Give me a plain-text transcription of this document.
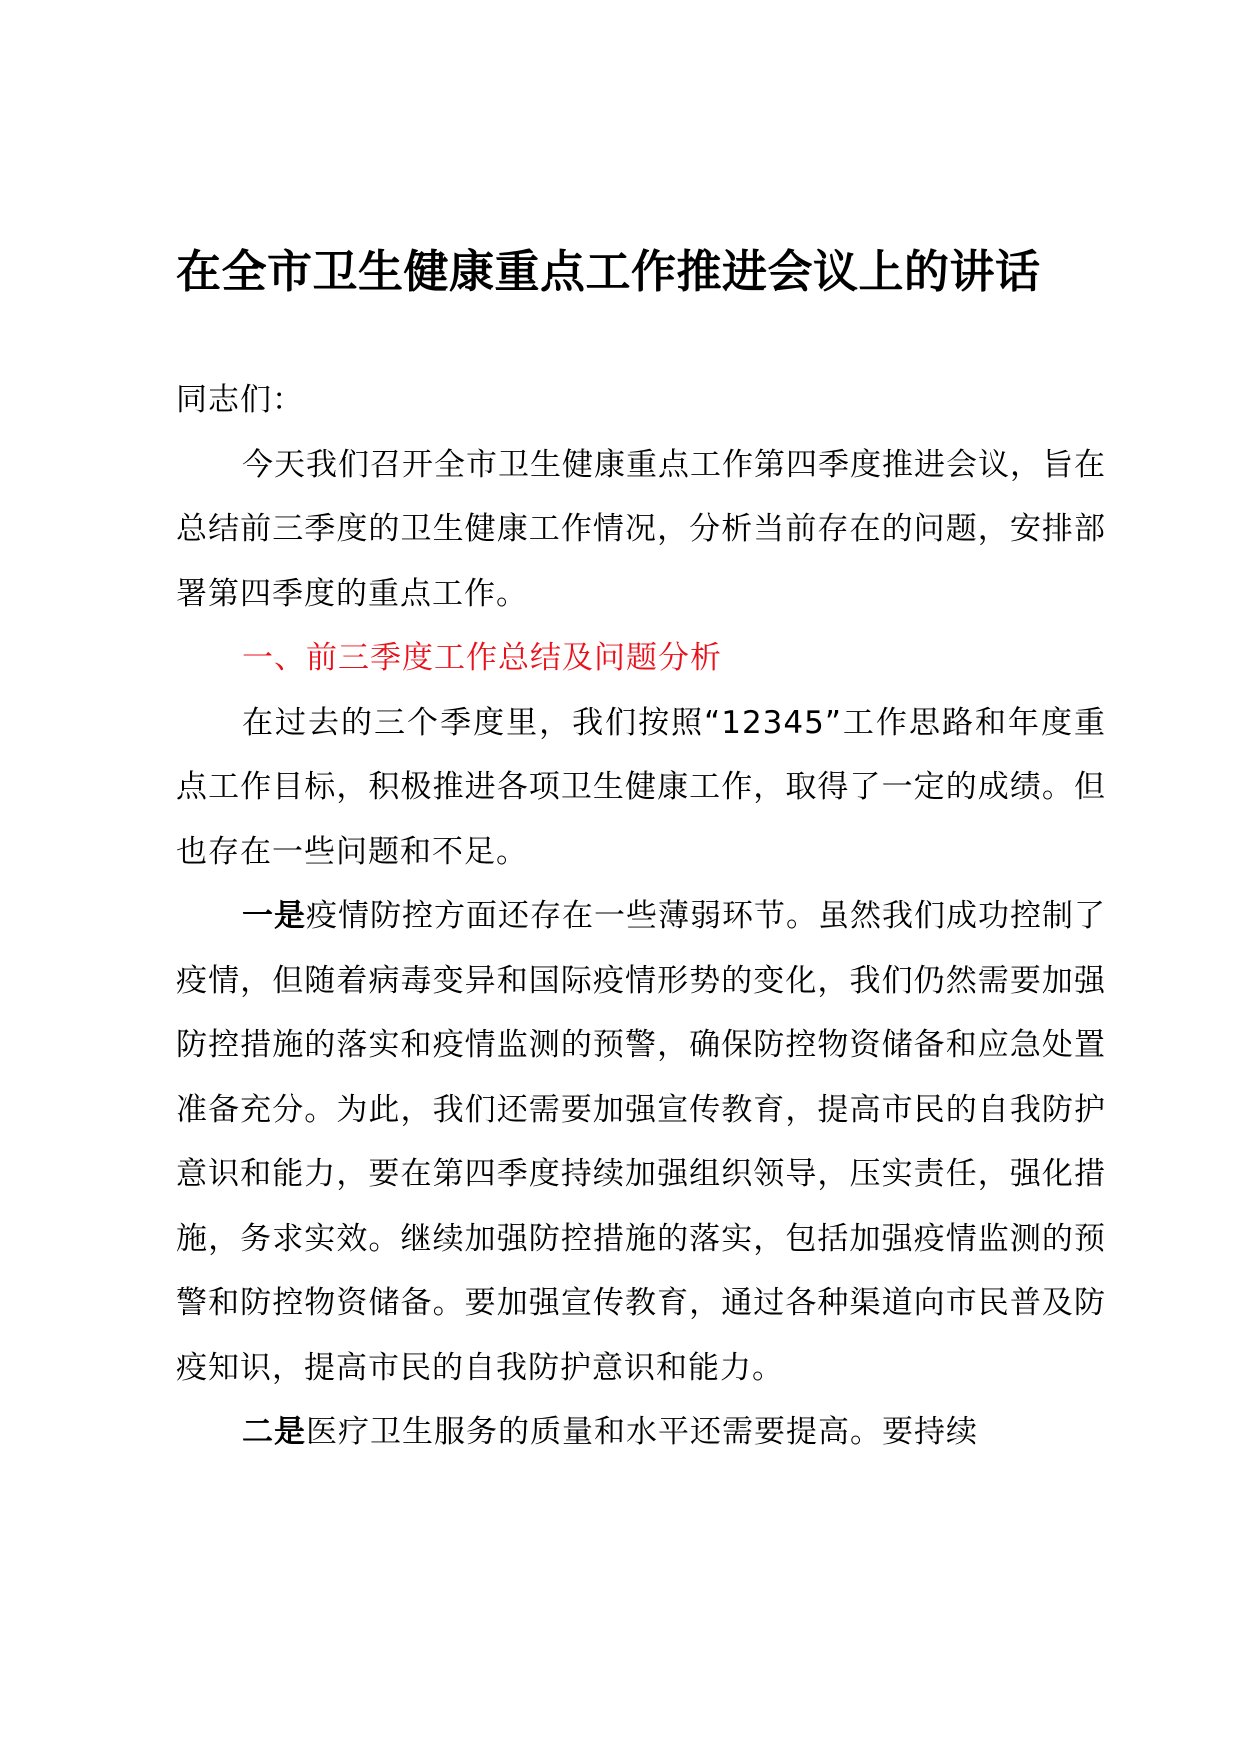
在全市卫生健康重点工作推进会议上的讲话

同志们：

今天我们召开全市卫生健康重点工作第四季度推进会议，旨在总结前三季度的卫生健康工作情况，分析当前存在的问题，安排部署第四季度的重点工作。

一、前三季度工作总结及问题分析

在过去的三个季度里，我们按照“12345”工作思路和年度重点工作目标，积极推进各项卫生健康工作，取得了一定的成绩。但也存在一些问题和不足。

一是疫情防控方面还存在一些薄弱环节。虽然我们成功控制了疫情，但随着病毒变异和国际疫情形势的变化，我们仍然需要加强防控措施的落实和疫情监测的预警，确保防控物资储备和应急处置准备充分。为此，我们还需要加强宣传教育，提高市民的自我防护意识和能力，要在第四季度持续加强组织领导，压实责任，强化措施，务求实效。继续加强防控措施的落实，包括加强疫情监测的预警和防控物资储备。要加强宣传教育，通过各种渠道向市民普及防疫知识，提高市民的自我防护意识和能力。

二是医疗卫生服务的质量和水平还需要提高。要持续
